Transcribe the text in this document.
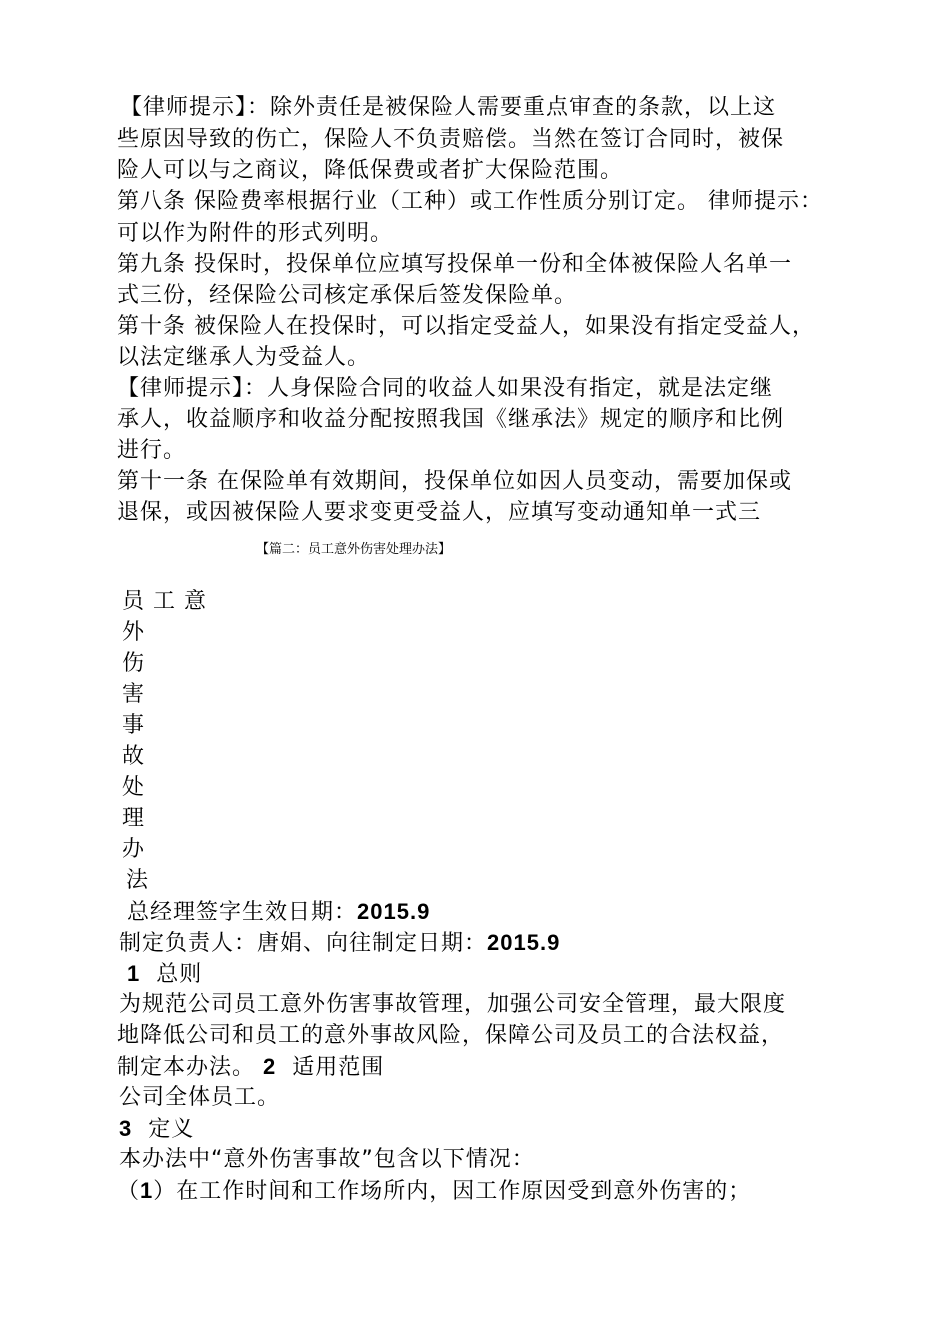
【律师提示】：除外责任是被保险人需要重点审查的条款，以上这
些原因导致的伤亡，保险人不负责赔偿。当然在签订合同时，被保
险人可以与之商议，降低保费或者扩大保险范围。
第八条 保险费率根据行业（工种）或工作性质分别订定。 律师提示：
可以作为附件的形式列明。
第九条 投保时，投保单位应填写投保单一份和全体被保险人名单一
式三份，经保险公司核定承保后签发保险单。
第十条 被保险人在投保时，可以指定受益人，如果没有指定受益人，
以法定继承人为受益人。
【律师提示】：人身保险合同的收益人如果没有指定，就是法定继
承人，收益顺序和收益分配按照我国《继承法》规定的顺序和比例
进行。
第十一条 在保险单有效期间，投保单位如因人员变动，需要加保或
退保，或因被保险人要求变更受益人，应填写变动通知单一式三
【篇二：员工意外伤害处理办法】
员 工 意
外
伤
害
事
故
处
理
办
法
总经理签字生效日期：2015.9
制定负责人：唐娟、向往制定日期：2015.9
1 总则
为规范公司员工意外伤害事故管理，加强公司安全管理，最大限度
地降低公司和员工的意外事故风险，保障公司及员工的合法权益，
制定本办法。 2 适用范围
公司全体员工。
3 定义
本办法中“意外伤害事故”包含以下情况：
（1）在工作时间和工作场所内，因工作原因受到意外伤害的；
